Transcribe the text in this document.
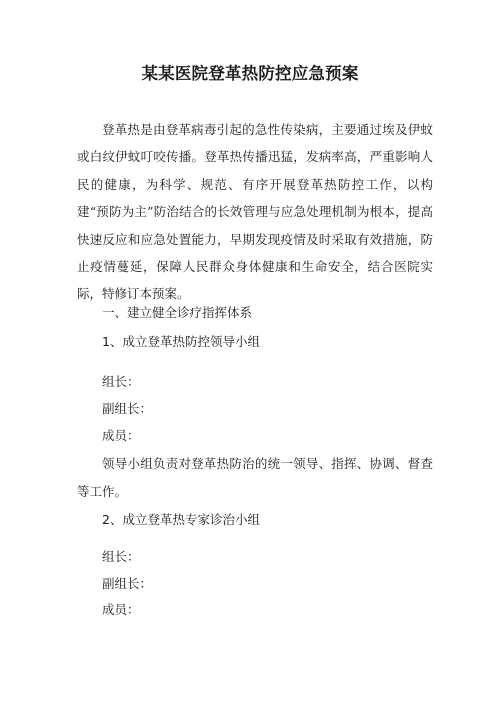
某某医院登革热防控应急预案

登革热是由登革病毒引起的急性传染病，主要通过埃及伊蚊或白纹伊蚊叮咬传播。登革热传播迅猛，发病率高，严重影响人民的健康，为科学、规范、有序开展登革热防控工作，以构建“预防为主”防治结合的长效管理与应急处理机制为根本，提高快速反应和应急处置能力，早期发现疫情及时采取有效措施，防止疫情蔓延，保障人民群众身体健康和生命安全，结合医院实际，特修订本预案。

一、建立健全诊疗指挥体系

1、成立登革热防控领导小组

组长：

副组长：

成员：

领导小组负责对登革热防治的统一领导、指挥、协调、督查等工作。

2、成立登革热专家诊治小组

组长：

副组长：

成员：
